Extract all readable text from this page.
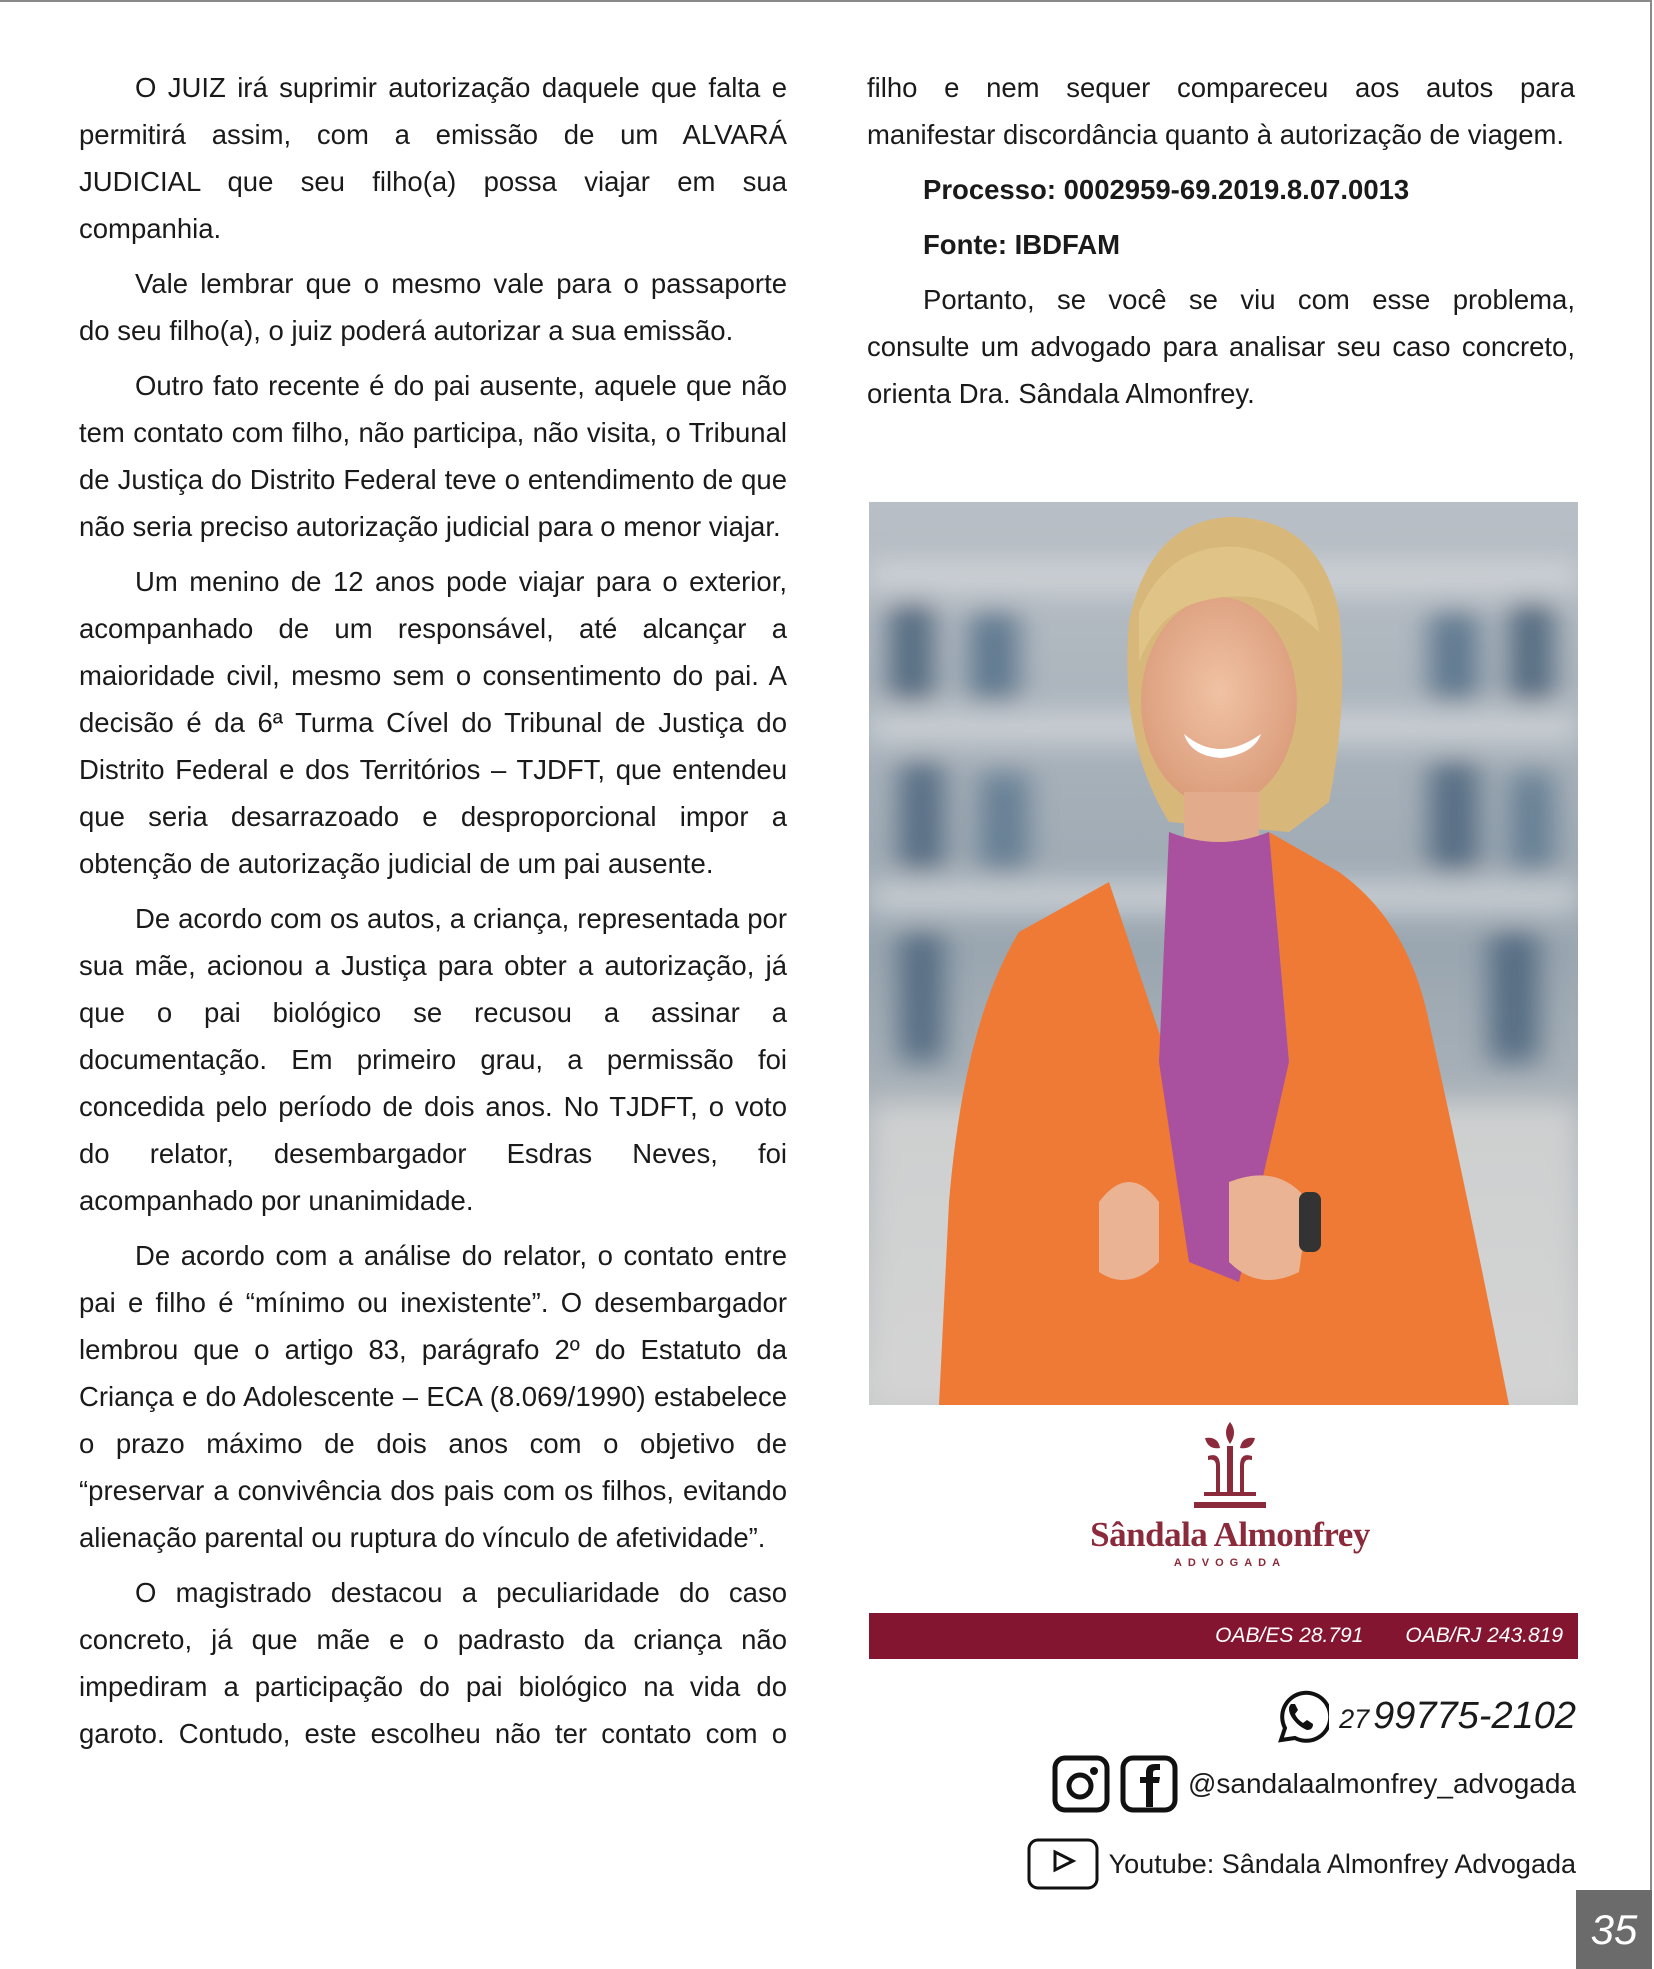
O JUIZ irá suprimir autorização daquele que falta e permitirá assim, com a emissão de um ALVARÁ JUDICIAL que seu filho(a) possa viajar em sua companhia.

Vale lembrar que o mesmo vale para o passaporte do seu filho(a), o juiz poderá autorizar a sua emissão.

Outro fato recente é do pai ausente, aquele que não tem contato com filho, não participa, não visita, o Tribunal de Justiça do Distrito Federal teve o entendimento de que não seria preciso autorização judicial para o menor viajar.

Um menino de 12 anos pode viajar para o exterior, acompanhado de um responsável, até alcançar a maioridade civil, mesmo sem o consentimento do pai. A decisão é da 6ª Turma Cível do Tribunal de Justiça do Distrito Federal e dos Territórios – TJDFT, que entendeu que seria desarrazoado e desproporcional impor a obtenção de autorização judicial de um pai ausente.

De acordo com os autos, a criança, representada por sua mãe, acionou a Justiça para obter a autorização, já que o pai biológico se recusou a assinar a documentação. Em primeiro grau, a permissão foi concedida pelo período de dois anos. No TJDFT, o voto do relator, desembargador Esdras Neves, foi acompanhado por unanimidade.

De acordo com a análise do relator, o contato entre pai e filho é “mínimo ou inexistente”. O desembargador lembrou que o artigo 83, parágrafo 2º do Estatuto da Criança e do Adolescente – ECA (8.069/1990) estabelece o prazo máximo de dois anos com o objetivo de “preservar a convivência dos pais com os filhos, evitando alienação parental ou ruptura do vínculo de afetividade”.

O magistrado destacou a peculiaridade do caso concreto, já que mãe e o padrasto da criança não impediram a participação do pai biológico na vida do garoto. Contudo, este escolheu não ter contato com o

filho e nem sequer compareceu aos autos para manifestar discordância quanto à autorização de viagem.

Processo: 0002959-69.2019.8.07.0013

Fonte: IBDFAM

Portanto, se você se viu com esse problema, consulte um advogado para analisar seu caso concreto, orienta Dra. Sândala Almonfrey.

Sândala Almonfrey
ADVOGADA
OAB/ES 28.791 OAB/RJ 243.819
27 99775-2102
@sandalaalmonfrey_advogada
Youtube: Sândala Almonfrey Advogada
35
